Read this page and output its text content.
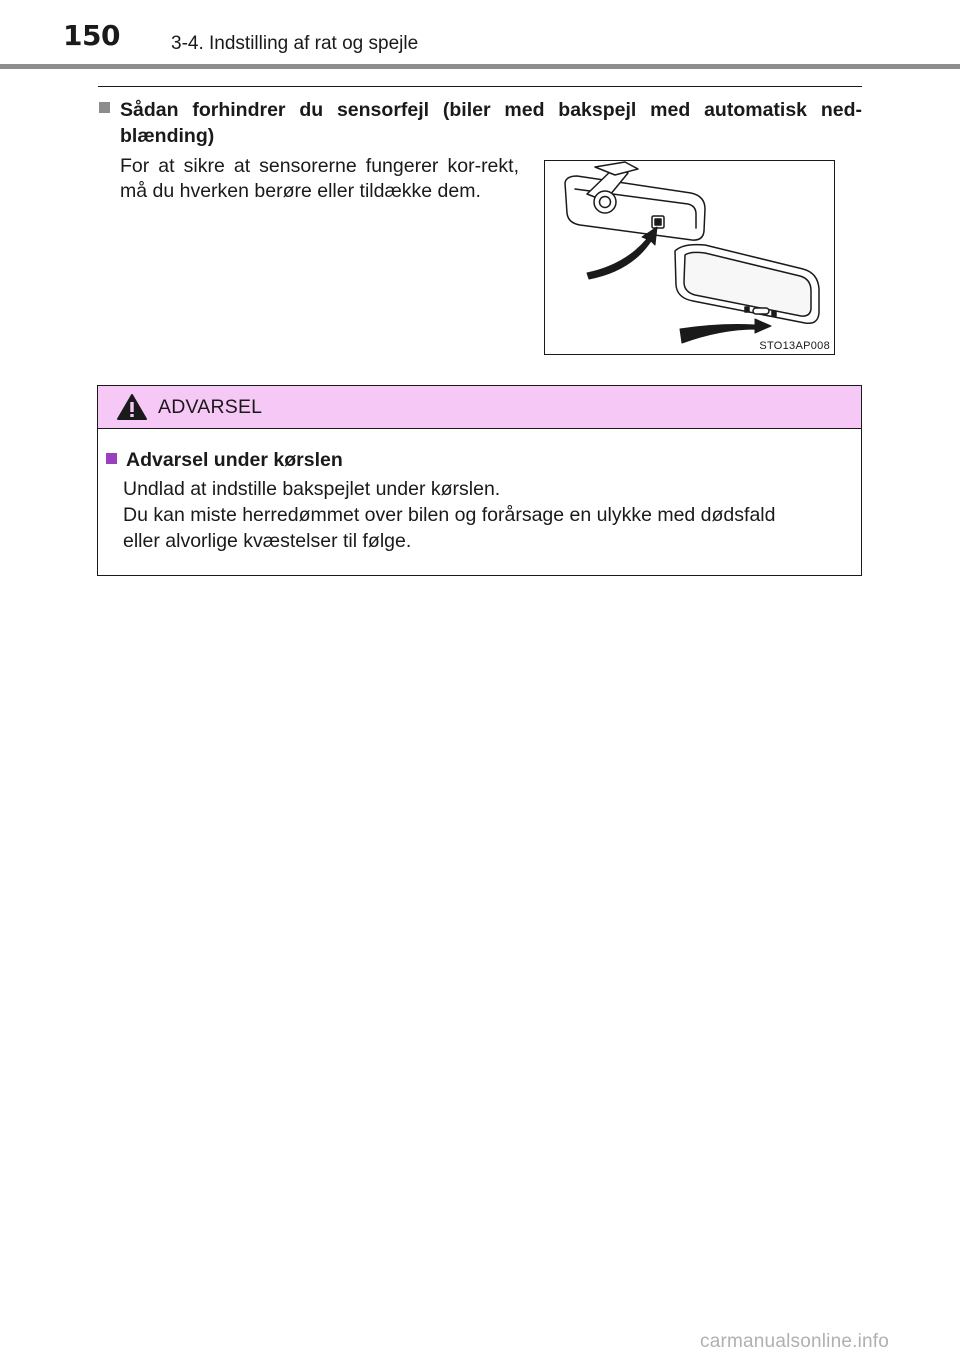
150	3-4. Indstilling af rat og spejle
Sådan forhindrer du sensorfejl (biler med bakspejl med automatisk ned-blænding)
For at sikre at sensorerne fungerer kor-rekt, må du hverken berøre eller tildække dem.
STO13AP008
ADVARSEL
Advarsel under kørslen
Undlad at indstille bakspejlet under kørslen.
Du kan miste herredømmet over bilen og forårsage en ulykke med dødsfald
eller alvorlige kvæstelser til følge.
carmanualsonline.info
